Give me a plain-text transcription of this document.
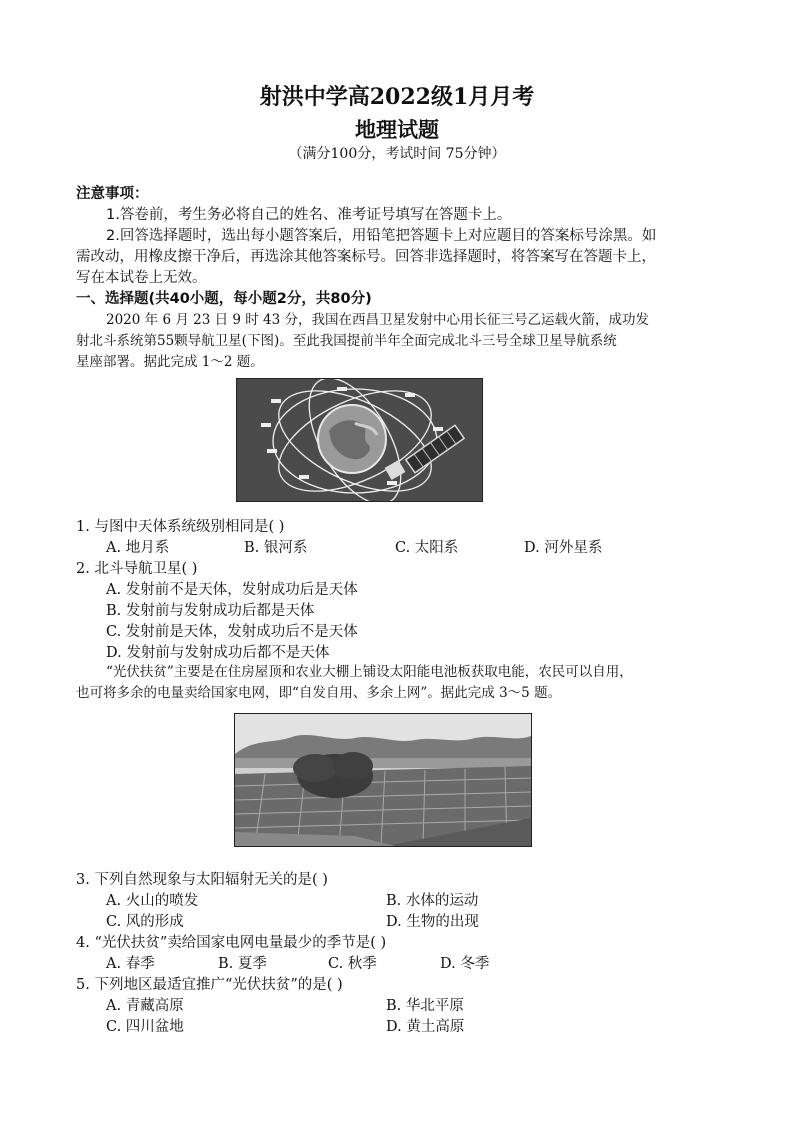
射洪中学高2022级1月月考
地理试题
（满分100分，考试时间 75分钟）
注意事项：
1.答卷前，考生务必将自己的姓名、准考证号填写在答题卡上。
2.回答选择题时，选出每小题答案后，用铅笔把答题卡上对应题目的答案标号涂黑。如
需改动，用橡皮擦干净后，再选涂其他答案标号。回答非选择题时，将答案写在答题卡上，
写在本试卷上无效。
一、选择题(共40小题，每小题2分，共80分)
2020 年 6 月 23 日 9 时 43 分，我国在西昌卫星发射中心用长征三号乙运载火箭，成功发
射北斗系统第55颗导航卫星(下图)。至此我国提前半年全面完成北斗三号全球卫星导航系统
星座部署。据此完成 1～2 题。
1. 与图中天体系统级别相同是( )
A. 地月系	B. 银河系	C. 太阳系	D. 河外星系
2. 北斗导航卫星( )
A. 发射前不是天体，发射成功后是天体
B. 发射前与发射成功后都是天体
C. 发射前是天体，发射成功后不是天体
D. 发射前与发射成功后都不是天体
“光伏扶贫”主要是在住房屋顶和农业大棚上铺设太阳能电池板获取电能，农民可以自用，
也可将多余的电量卖给国家电网，即“自发自用、多余上网”。据此完成 3～5 题。
3. 下列自然现象与太阳辐射无关的是( )
A. 火山的喷发	B. 水体的运动
C. 风的形成	D. 生物的出现
4. “光伏扶贫”卖给国家电网电量最少的季节是( )
A. 春季	B. 夏季	C. 秋季	D. 冬季
5. 下列地区最适宜推广“光伏扶贫”的是( )
A. 青藏高原	B. 华北平原
C. 四川盆地	D. 黄土高原
